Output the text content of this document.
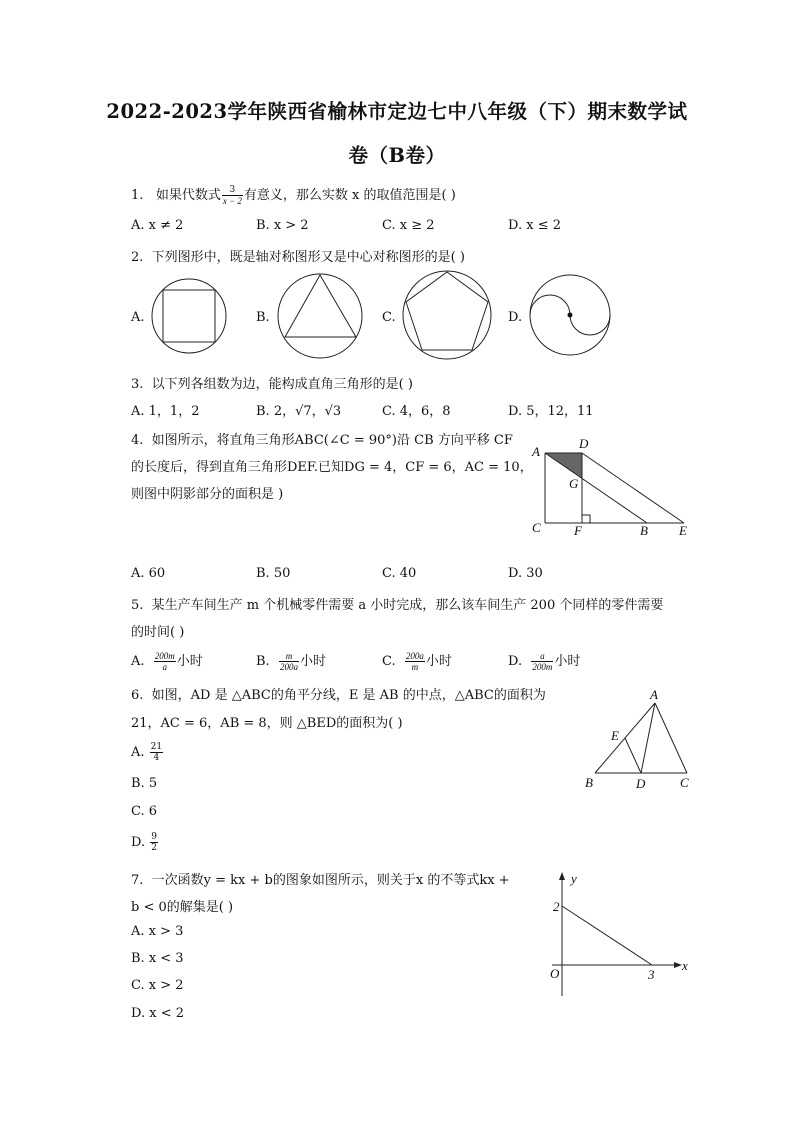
2022-2023学年陕西省榆林市定边七中八年级（下）期末数学试
卷（B卷）
1. 如果代数式 $\frac{3}{x - 2}$ 有意义，那么实数 x 的取值范围是( )
A. x ≠ 2	B. x > 2	C. x ≥ 2	D. x ≤ 2
2. 下列图形中，既是轴对称图形又是中心对称图形的是( )
A.	B.	C.	D.
3. 以下列各组数为边，能构成直角三角形的是( )
A. 1，1，2	B. 2，√7，√3	C. 4，6，8	D. 5，12，11
4. 如图所示，将直角三角形ABC(∠C = 90°)沿 CB 方向平移 CF
的长度后，得到直角三角形DEF.已知DG = 4，CF = 6，AC = 10，
则图中阴影部分的面积是 )
A
D
G
C	F	B E
A. 60	B. 50	C. 40	D. 30
5. 某生产车间生产 m 个机械零件需要 a 小时完成，那么该车间生产 200 个同样的零件需要
的时间( )
A. $\frac{200m}{a}$ 小时	B. $\frac{m}{200a}$ 小时	C. $\frac{200a}{m}$ 小时	D. $\frac{a}{200m}$ 小时
6. 如图，AD 是 △ABC的角平分线，E 是 AB 的中点，△ABC的面积为
21，AC = 6，AB = 8，则 △BED的面积为( )
A. $\frac{21}{4}$
B. 5
C. 6
D. $\frac{9}{2}$
A
E
B	D	C
7. 一次函数y = kx + b的图象如图所示，则关于x 的不等式kx +
b < 0的解集是( )
A. x > 3
B. x < 3
C. x > 2
D. x < 2
y
x
O
2
3
